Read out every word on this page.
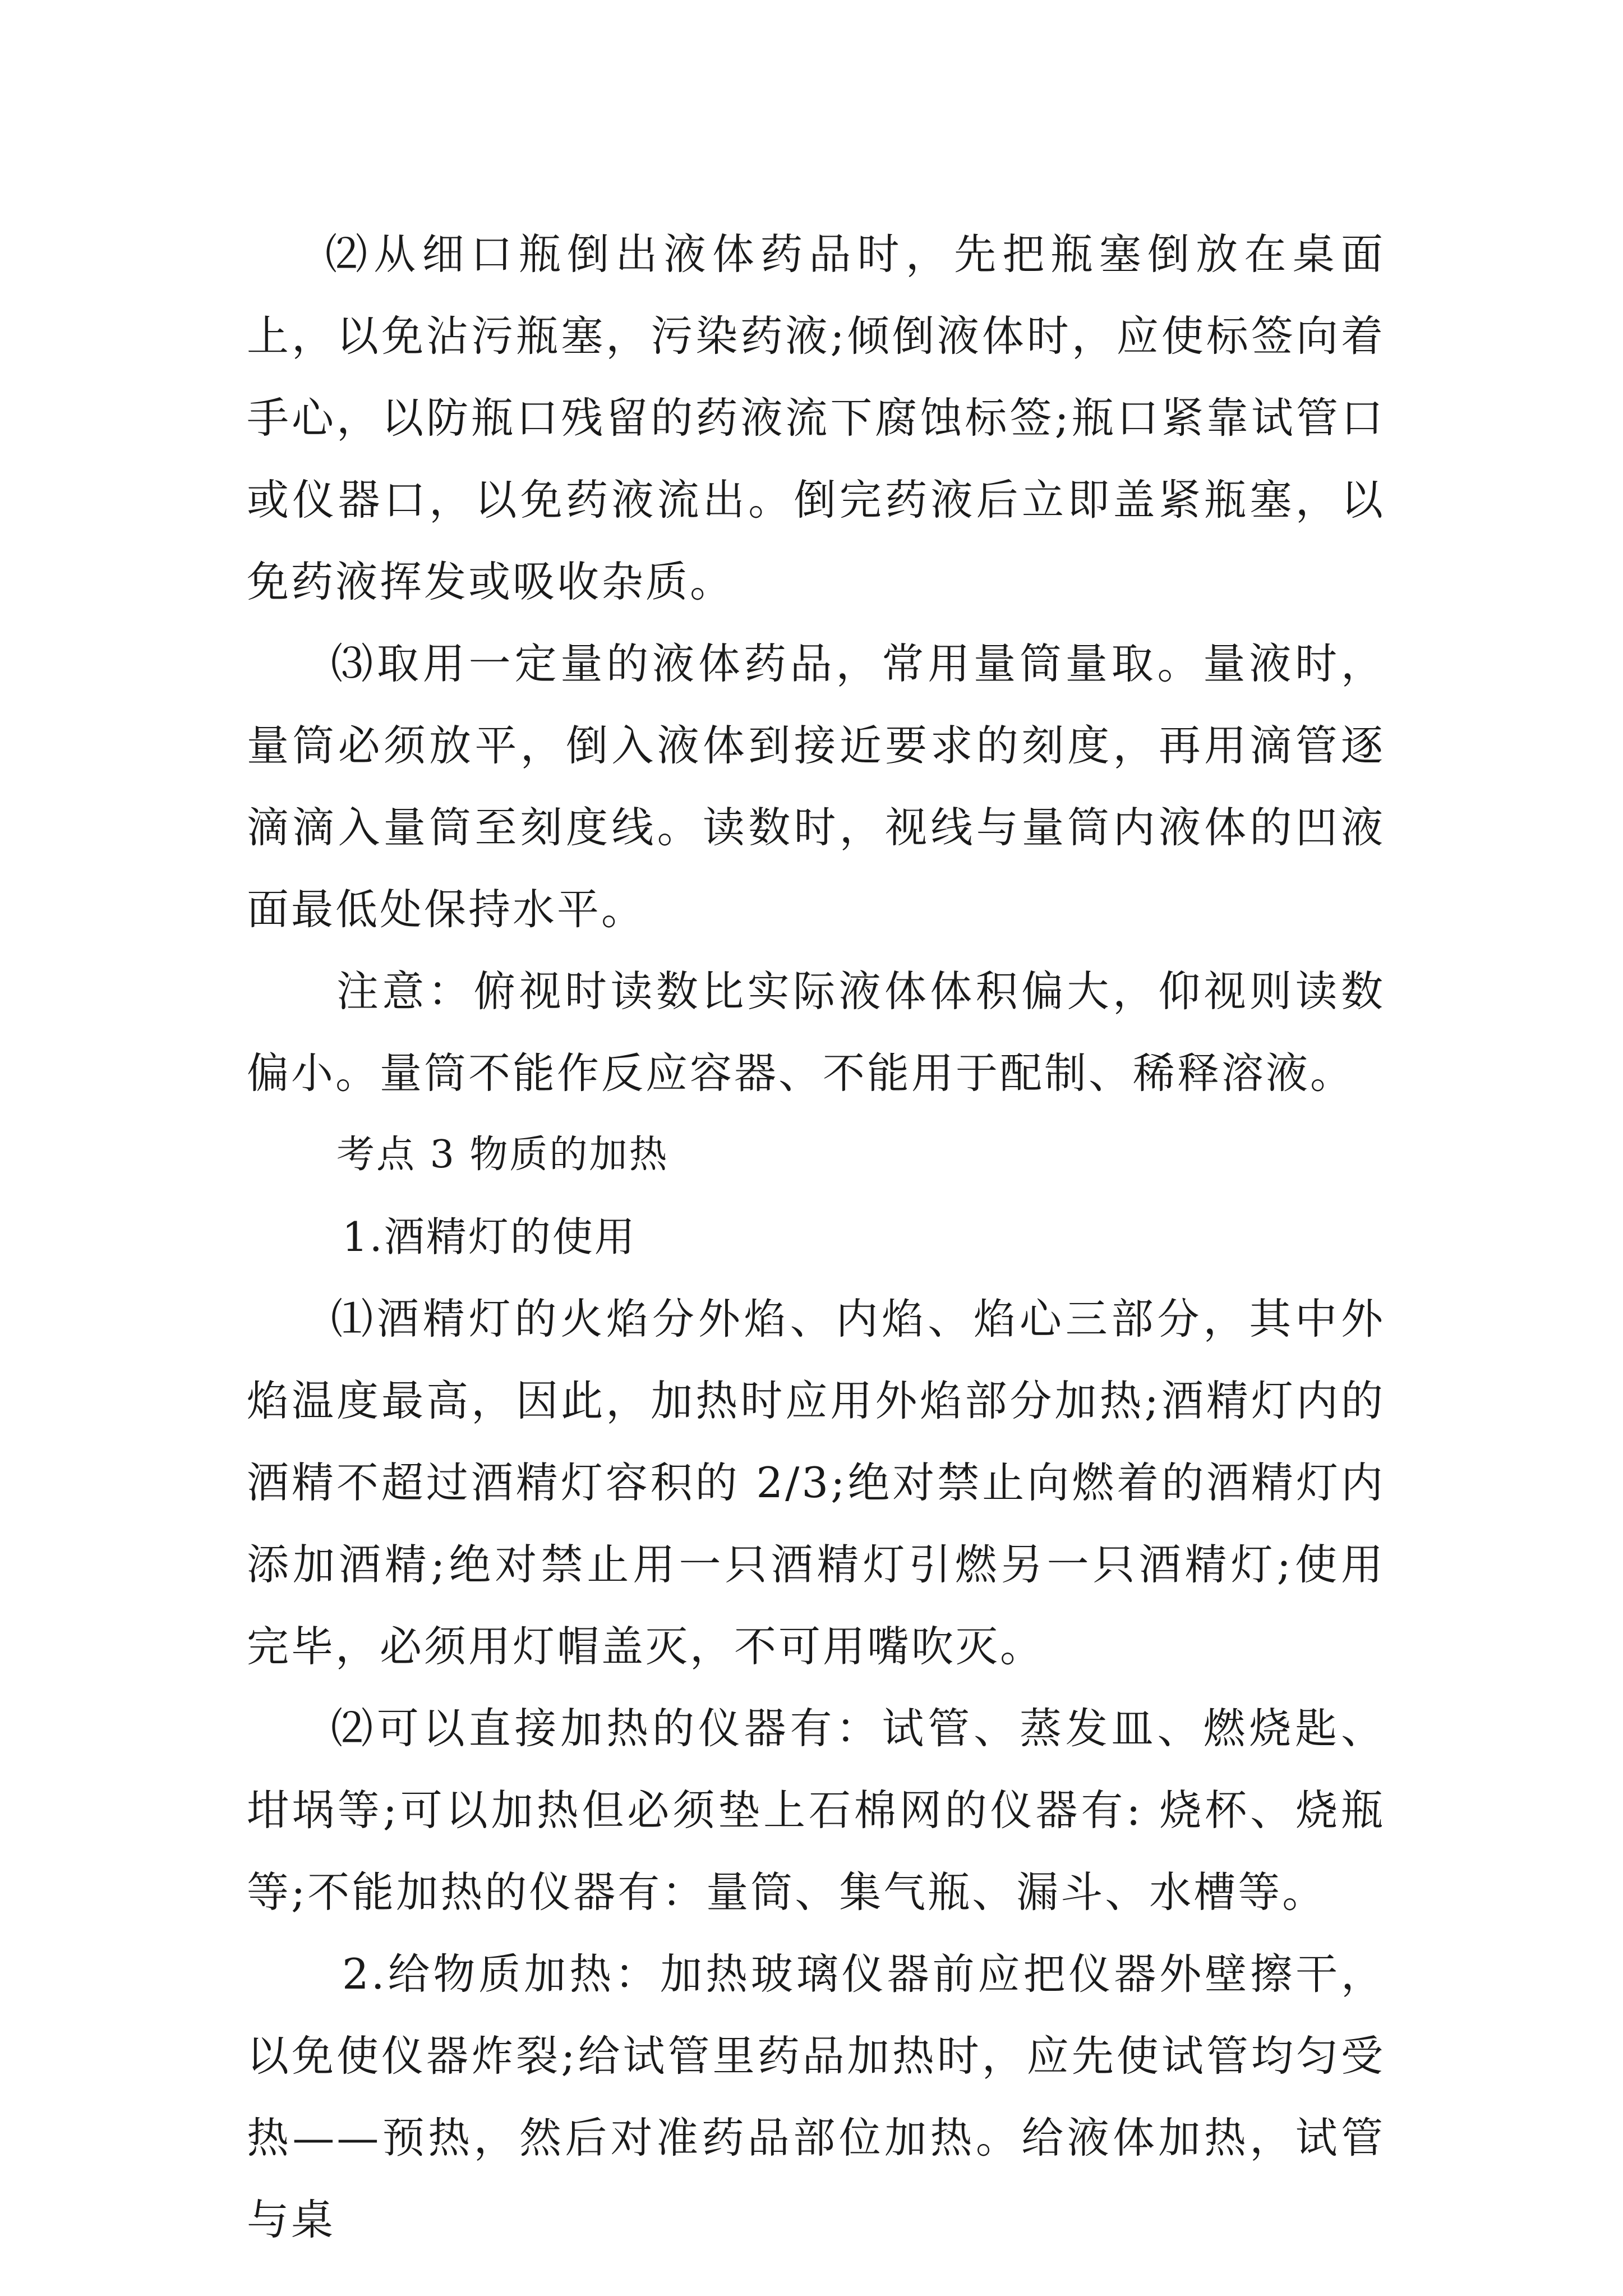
⑵从细口瓶倒出液体药品时，先把瓶塞倒放在桌面上，以免沾污瓶塞，污染药液;倾倒液体时，应使标签向着手心，以防瓶口残留的药液流下腐蚀标签;瓶口紧靠试管口或仪器口，以免药液流出。倒完药液后立即盖紧瓶塞，以免药液挥发或吸收杂质。

⑶取用一定量的液体药品，常用量筒量取。量液时，量筒必须放平，倒入液体到接近要求的刻度，再用滴管逐滴滴入量筒至刻度线。读数时，视线与量筒内液体的凹液面最低处保持水平。

注意：俯视时读数比实际液体体积偏大，仰视则读数偏小。量筒不能作反应容器、不能用于配制、稀释溶液。

考点 3 物质的加热

1.酒精灯的使用

⑴酒精灯的火焰分外焰、内焰、焰心三部分，其中外焰温度最高，因此，加热时应用外焰部分加热;酒精灯内的酒精不超过酒精灯容积的 2/3;绝对禁止向燃着的酒精灯内添加酒精;绝对禁止用一只酒精灯引燃另一只酒精灯;使用完毕，必须用灯帽盖灭，不可用嘴吹灭。

⑵可以直接加热的仪器有：试管、蒸发皿、燃烧匙、坩埚等;可以加热但必须垫上石棉网的仪器有: 烧杯、烧瓶等;不能加热的仪器有：量筒、集气瓶、漏斗、水槽等。

2.给物质加热：加热玻璃仪器前应把仪器外壁擦干，以免使仪器炸裂;给试管里药品加热时，应先使试管均匀受热——预热，然后对准药品部位加热。给液体加热，试管与桌
